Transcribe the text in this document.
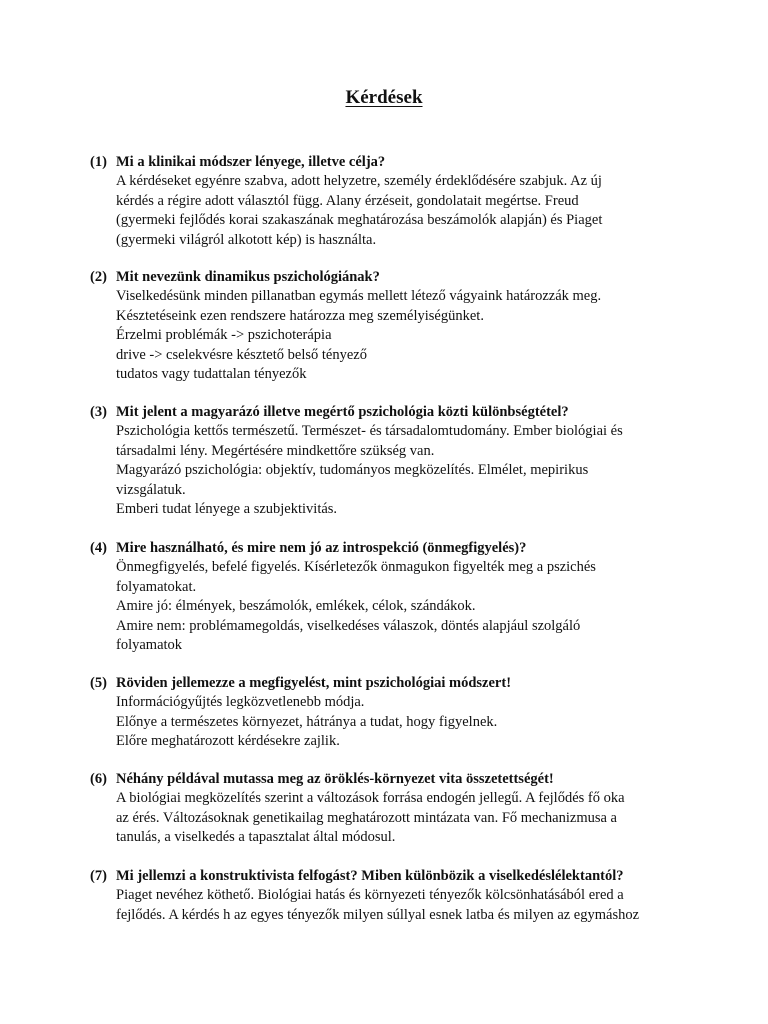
Kérdések
(1) Mi a klinikai módszer lényege, illetve célja?
A kérdéseket egyénre szabva, adott helyzetre, személy érdeklődésére szabjuk. Az új
kérdés a régire adott választól függ. Alany érzéseit, gondolatait megértse. Freud
(gyermeki fejlődés korai szakaszának meghatározása beszámolók alapján) és Piaget
(gyermeki világról alkotott kép) is használta.
(2) Mit nevezünk dinamikus pszichológiának?
Viselkedésünk minden pillanatban egymás mellett létező vágyaink határozzák meg.
Késztetéseink ezen rendszere határozza meg személyiségünket.
Érzelmi problémák -> pszichoterápia
drive -> cselekvésre késztető belső tényező
tudatos vagy tudattalan tényezők
(3) Mit jelent a magyarázó illetve megértő pszichológia közti különbségtétel?
Pszichológia kettős természetű. Természet- és társadalomtudomány. Ember biológiai és
társadalmi lény. Megértésére mindkettőre szükség van.
Magyarázó pszichológia: objektív, tudományos megközelítés. Elmélet, mepirikus
vizsgálatuk.
Emberi tudat lényege a szubjektivitás.
(4) Mire használható, és mire nem jó az introspekció (önmegfigyelés)?
Önmegfigyelés, befelé figyelés. Kísérletezők önmagukon figyelték meg a pszichés
folyamatokat.
Amire jó: élmények, beszámolók, emlékek, célok, szándákok.
Amire nem: problémamegoldás, viselkedéses válaszok, döntés alapjául szolgáló
folyamatok
(5) Röviden jellemezze a megfigyelést, mint pszichológiai módszert!
Információgyűjtés legközvetlenebb módja.
Előnye a természetes környezet, hátránya a tudat, hogy figyelnek.
Előre meghatározott kérdésekre zajlik.
(6) Néhány példával mutassa meg az öröklés-környezet vita összetettségét!
A biológiai megközelítés szerint a változások forrása endogén jellegű. A fejlődés fő oka
az érés. Változásoknak genetikailag meghatározott mintázata van. Fő mechanizmusa a
tanulás, a viselkedés a tapasztalat által módosul.
(7) Mi jellemzi a konstruktivista felfogást? Miben különbözik a viselkedéslélektantól?
Piaget nevéhez köthető. Biológiai hatás és környezeti tényezők kölcsönhatásából ered a
fejlődés. A kérdés h az egyes tényezők milyen súllyal esnek latba és milyen az egymáshoz
